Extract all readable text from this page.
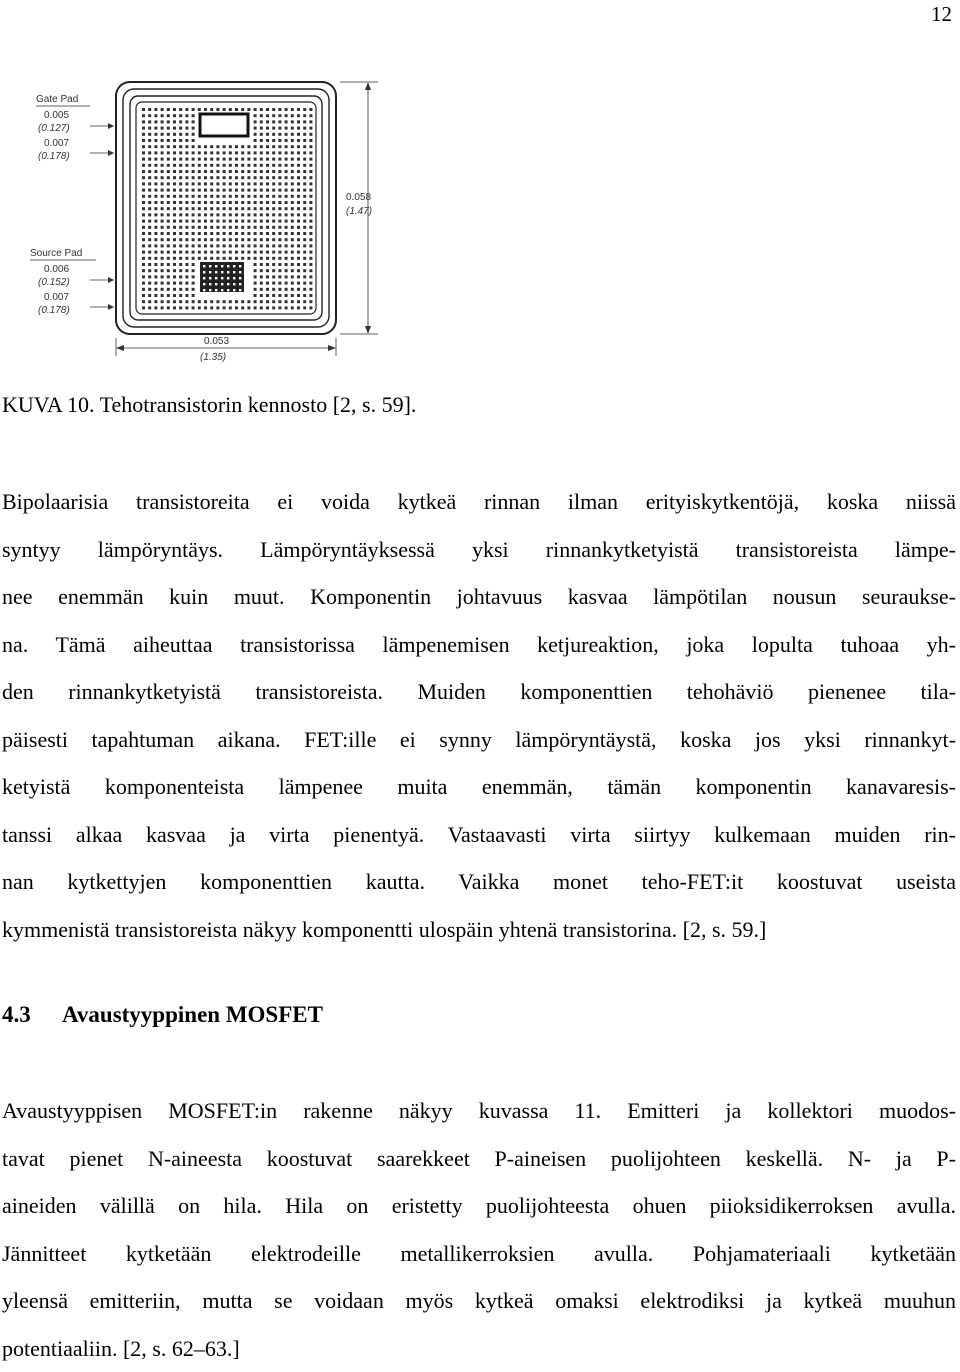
12
Gate Pad
0.005
(0.127)
0.007
(0.178)
Source Pad
0.006
(0.152)
0.007
(0.178)
0.058
(1.47)
0.053
(1.35)
KUVA 10. Tehotransistorin kennosto [2, s. 59].
Bipolaarisia transistoreita ei voida kytkeä rinnan ilman erityiskytkentöjä, koska niissä
syntyy lämpöryntäys. Lämpöryntäyksessä yksi rinnankytketyistä transistoreista lämpe-
nee enemmän kuin muut. Komponentin johtavuus kasvaa lämpötilan nousun seuraukse-
na. Tämä aiheuttaa transistorissa lämpenemisen ketjureaktion, joka lopulta tuhoaa yh-
den rinnankytketyistä transistoreista. Muiden komponenttien tehohäviö pienenee tila-
päisesti tapahtuman aikana. FET:ille ei synny lämpöryntäystä, koska jos yksi rinnankyt-
ketyistä komponenteista lämpenee muita enemmän, tämän komponentin kanavaresis-
tanssi alkaa kasvaa ja virta pienentyä. Vastaavasti virta siirtyy kulkemaan muiden rin-
nan kytkettyjen komponenttien kautta. Vaikka monet teho-FET:it koostuvat useista
kymmenistä transistoreista näkyy komponentti ulospäin yhtenä transistorina. [2, s. 59.]
4.3 Avaustyyppinen MOSFET
Avaustyyppisen MOSFET:in rakenne näkyy kuvassa 11. Emitteri ja kollektori muodos-
tavat pienet N-aineesta koostuvat saarekkeet P-aineisen puolijohteen keskellä. N- ja P-
aineiden välillä on hila. Hila on eristetty puolijohteesta ohuen piioksidikerroksen avulla.
Jännitteet kytketään elektrodeille metallikerroksien avulla. Pohjamateriaali kytketään
yleensä emitteriin, mutta se voidaan myös kytkeä omaksi elektrodiksi ja kytkeä muuhun
potentiaaliin. [2, s. 62–63.]
